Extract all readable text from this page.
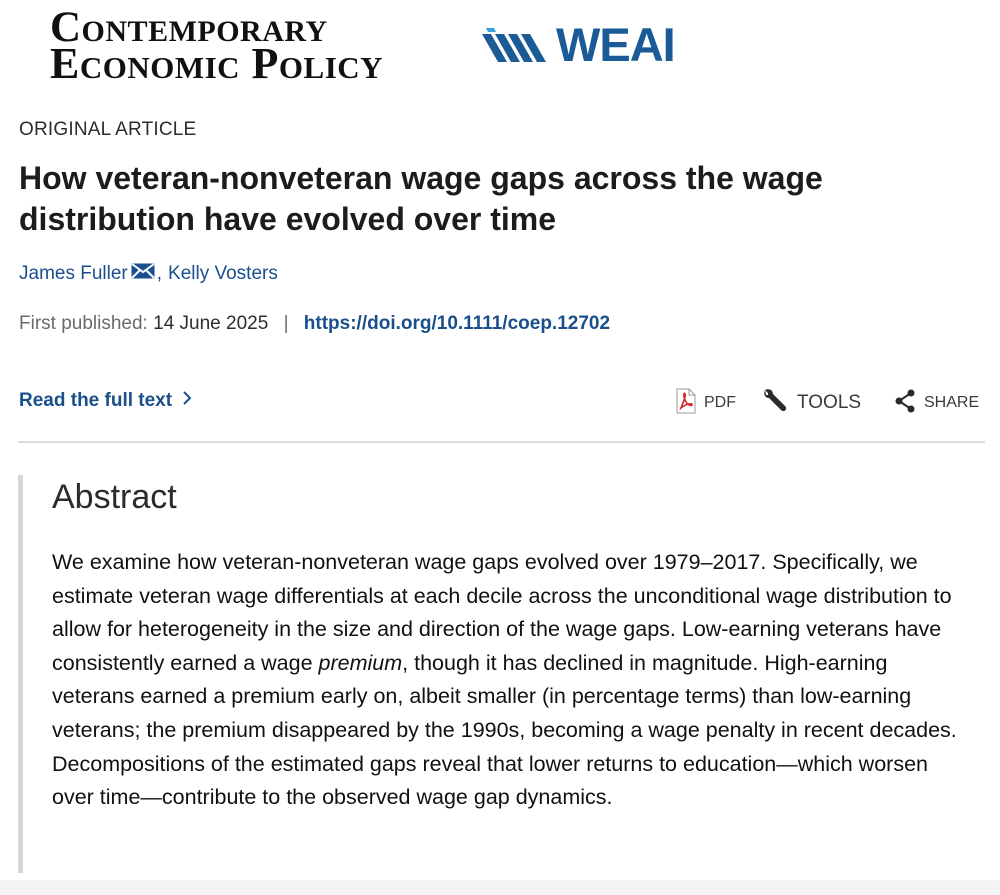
Contemporary
Economic Policy	WEAI
ORIGINAL ARTICLE
How veteran-nonveteran wage gaps across the wage distribution have evolved over time
James Fuller , Kelly Vosters
First published: 14 June 2025 | https://doi.org/10.1111/coep.12702
Read the full text	PDF	TOOLS	SHARE
Abstract

We examine how veteran-nonveteran wage gaps evolved over 1979–2017. Specifically, we estimate veteran wage differentials at each decile across the unconditional wage distribution to allow for heterogeneity in the size and direction of the wage gaps. Low-earning veterans have consistently earned a wage premium, though it has declined in magnitude. High-earning veterans earned a premium early on, albeit smaller (in percentage terms) than low-earning veterans; the premium disappeared by the 1990s, becoming a wage penalty in recent decades. Decompositions of the estimated gaps reveal that lower returns to education—which worsen over time—contribute to the observed wage gap dynamics.
